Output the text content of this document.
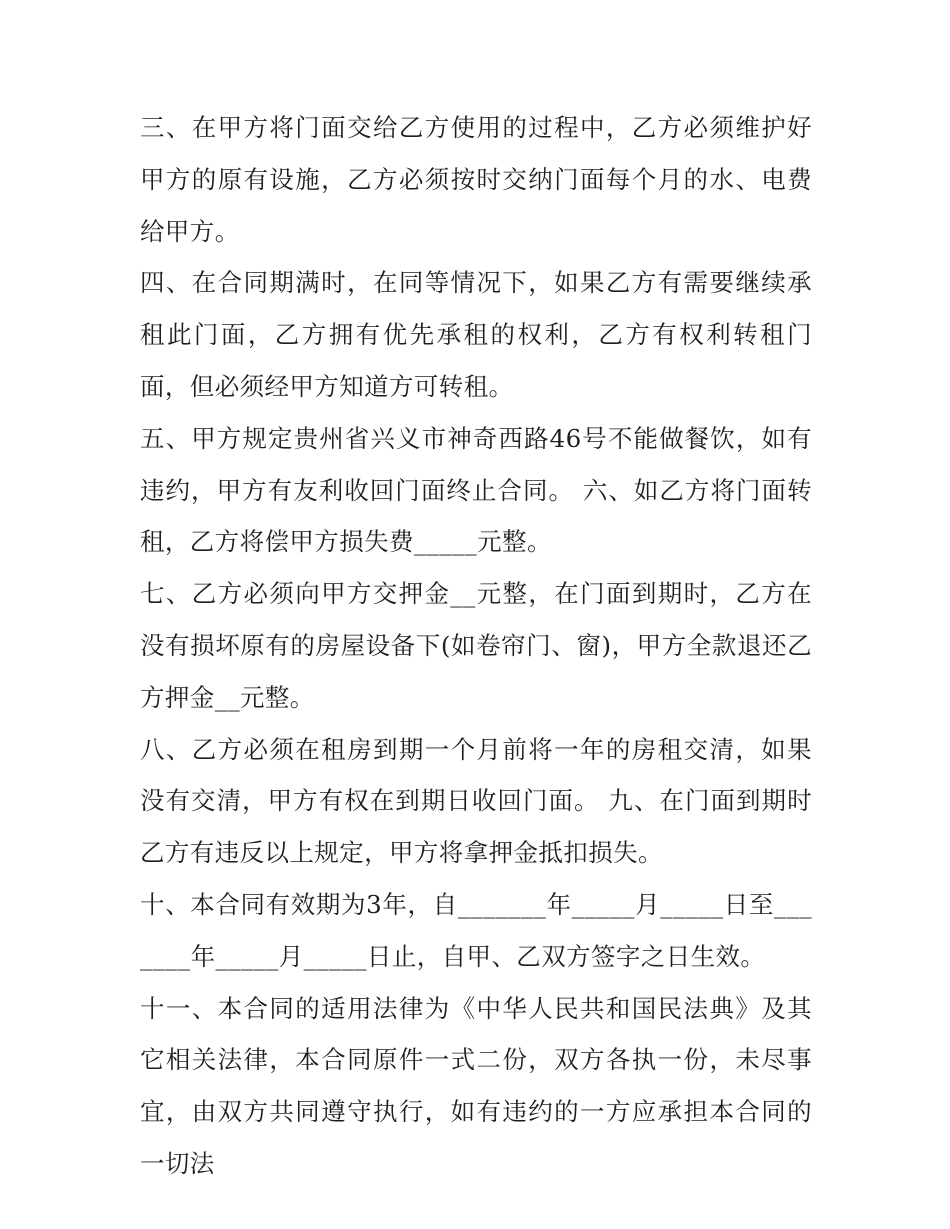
三、在甲方将门面交给乙方使用的过程中，乙方必须维护好甲方的原有设施，乙方必须按时交纳门面每个月的水、电费给甲方。

四、在合同期满时，在同等情况下，如果乙方有需要继续承租此门面，乙方拥有优先承租的权利，乙方有权利转租门面，但必须经甲方知道方可转租。

五、甲方规定贵州省兴义市神奇西路46号不能做餐饮，如有违约，甲方有友利收回门面终止合同。 六、如乙方将门面转租，乙方将偿甲方损失费_____元整。

七、乙方必须向甲方交押金__元整，在门面到期时，乙方在没有损坏原有的房屋设备下(如卷帘门、窗)，甲方全款退还乙方押金__元整。

八、乙方必须在租房到期一个月前将一年的房租交清，如果没有交清，甲方有权在到期日收回门面。 九、在门面到期时乙方有违反以上规定，甲方将拿押金抵扣损失。

十、本合同有效期为3年，自_______年_____月_____日至_______年_____月_____日止，自甲、乙双方签字之日生效。

十一、本合同的适用法律为《中华人民共和国民法典》及其它相关法律，本合同原件一式二份，双方各执一份，未尽事宜，由双方共同遵守执行，如有违约的一方应承担本合同的一切法
